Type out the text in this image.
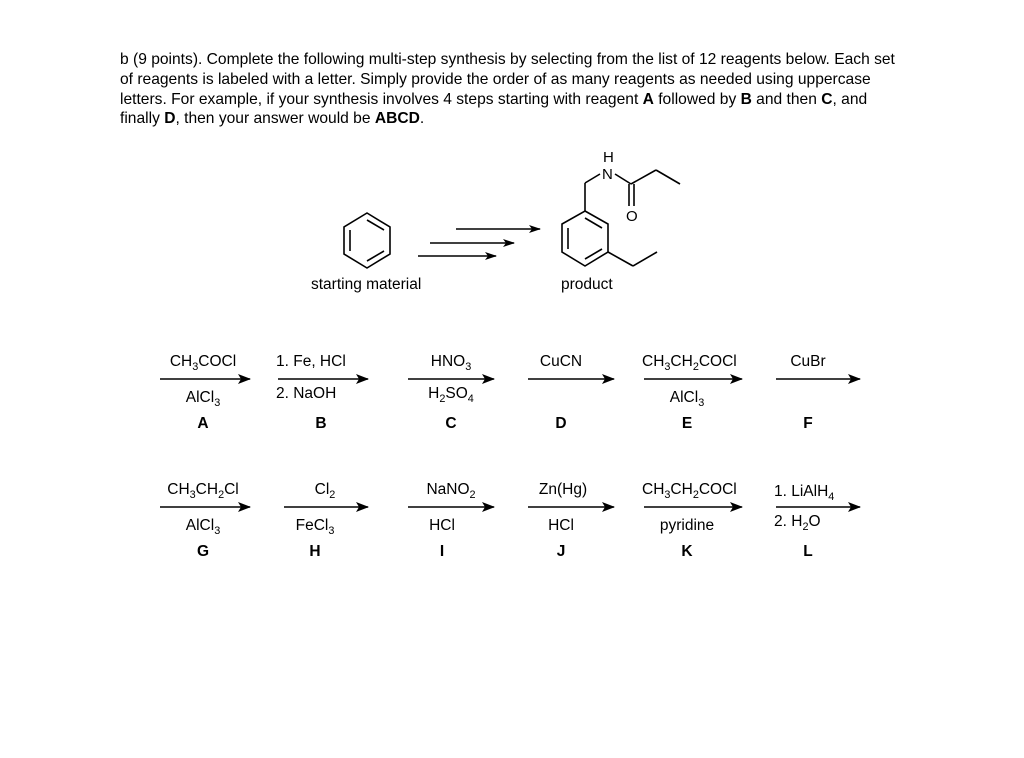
b (9 points). Complete the following multi-step synthesis by selecting from the list of 12 reagents below. Each set of reagents is labeled with a letter. Simply provide the order of as many reagents as needed using uppercase letters. For example, if your synthesis involves 4 steps starting with reagent A followed by B and then C, and finally D, then your answer would be ABCD.
H
N
O
starting material	product
$CH_3COCl$
AlCl$_3$
A
1. Fe, HCl
2. NaOH
B
$HNO_3$
$H_2SO_4$
C
CuCN
D
$CH_3CH_2COCl$
AlCl$_3$
E
CuBr
F
$CH_3CH_2Cl$
AlCl$_3$
G
$Cl_2$
FeCl$_3$
H
NaNO$_2$
HCl
I
Zn(Hg)
HCl
J
$CH_3CH_2COCl$
pyridine
K
1. LiAlH$_4$
2. $H_2O$
L
